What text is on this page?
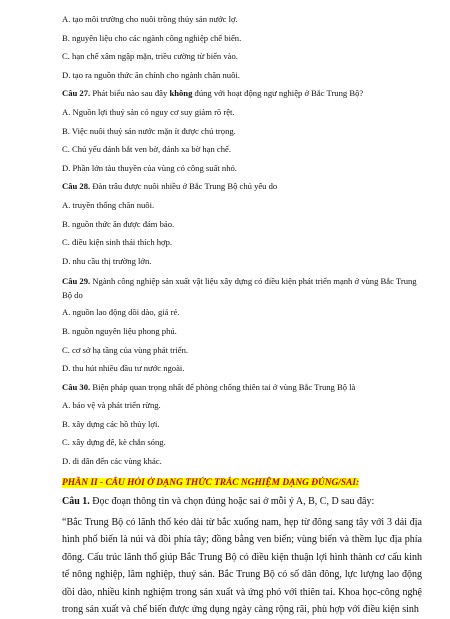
A. tạo môi trường cho nuôi trồng thủy sản nước lợ.
B. nguyên liệu cho các ngành công nghiệp chế biến.
C. hạn chế xâm ngập mặn, triều cường từ biển vào.
D. tạo ra nguồn thức ăn chính cho ngành chăn nuôi.
Câu 27. Phát biểu nào sau đây không đúng với hoạt động ngư nghiệp ở Bắc Trung Bộ?
A. Nguồn lợi thuỷ sản có nguy cơ suy giảm rõ rệt.
B. Việc nuôi thuỷ sản nước mặn ít được chú trọng.
C. Chủ yếu đánh bắt ven bờ, đánh xa bờ hạn chế.
D. Phần lớn tàu thuyền của vùng có công suất nhỏ.
Câu 28. Đàn trâu được nuôi nhiều ở Bắc Trung Bộ chủ yếu do
A. truyền thống chăn nuôi.
B. nguồn thức ăn được đảm bảo.
C. điều kiện sinh thái thích hợp.
D. nhu cầu thị trường lớn.
Câu 29. Ngành công nghiệp sản xuất vật liệu xây dựng có điều kiện phát triển mạnh ở vùng Bắc Trung Bộ do
A. nguồn lao động dồi dào, giá rẻ.
B. nguồn nguyên liệu phong phú.
C. cơ sở hạ tầng của vùng phát triển.
D. thu hút nhiều đầu tư nước ngoài.
Câu 30. Biện pháp quan trọng nhất để phòng chống thiên tai ở vùng Bắc Trung Bộ là
A. bảo vệ và phát triển rừng.
B. xây dựng các hồ thủy lợi.
C. xây dựng đê, kè chắn sóng.
D. di dân đến các vùng khác.
PHẦN II - CÂU HỎI Ở DẠNG THỨC TRẮC NGHIỆM DẠNG ĐÚNG/SAI:
Câu 1. Đọc đoạn thông tin và chọn đúng hoặc sai ở mỗi ý A, B, C, D sau đây:

“Bắc Trung Bộ có lãnh thổ kéo dài từ bắc xuống nam, hẹp từ đông sang tây với 3 dải địa hình phổ biến là núi và đồi phía tây; đồng bằng ven biển; vùng biển và thềm lục địa phía đông. Cấu trúc lãnh thổ giúp Bắc Trung Bộ có điều kiện thuận lợi hình thành cơ cấu kinh tế nông nghiệp, lâm nghiệp, thuỷ sản. Bắc Trung Bộ có số dân đông, lực lượng lao động dồi dào, nhiều kinh nghiệm trong sản xuất và ứng phó với thiên tai. Khoa học-công nghệ trong sản xuất và chế biến được ứng dụng ngày càng rộng rãi, phù hợp với điều kiện sinh
